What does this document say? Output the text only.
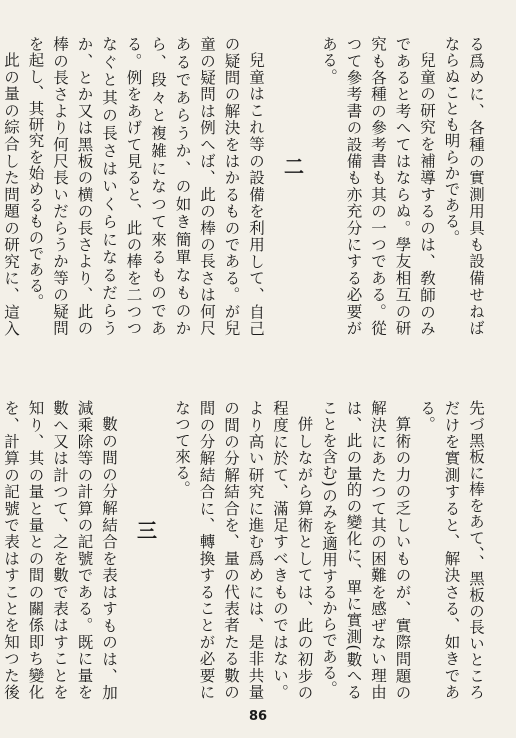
る爲めに、各種の實測用具も設備せねばならぬことも明らかである。

兒童の研究を補導するのは、敎師のみであると考へてはならぬ。學友相互の研究も各種の參考書も其の一つである。從つて參考書の設備も亦充分にする必要がある。

二

兒童はこれ等の設備を利用して、自己の疑問の解決をはかるものである。が兒童の疑問は例へば、此の棒の長さは何尺あるであらうか、の如き簡單なものから、段々と複雑になつて來るものである。例をあげて見ると、此の棒を二つつなぐと其の長さはいくらになるだらうか、とか又は黑板の横の長さより、此の棒の長さより何尺長いだらうか等の疑問を起し、其研究を始めるものである。

此の量の綜合した問題の研究に、這入

先づ黑板に棒をあて、、黑板の長いところだけを實測すると、解決さる、如きである。

算術の力の乏しいものが、實際問題の解決にあたつて其の困難を感ぜない理由は、此の量的の變化に、單に實測(數へることを含む)のみを適用するからである。

併しながら算術としては、此の初步の程度に於て、滿足すべきものではない。より高い研究に進む爲めには、是非共量の間の分解結合を、量の代表者たる數の間の分解結合に、轉換することが必要になつて來る。

三

數の間の分解結合を表はすものは、加減乘除等の計算の記號である。既に量を數へ又は計つて、之を數で表はすことを知り、其の量と量との間の關係即ち變化を、計算の記號で表はすことを知つた後

86
